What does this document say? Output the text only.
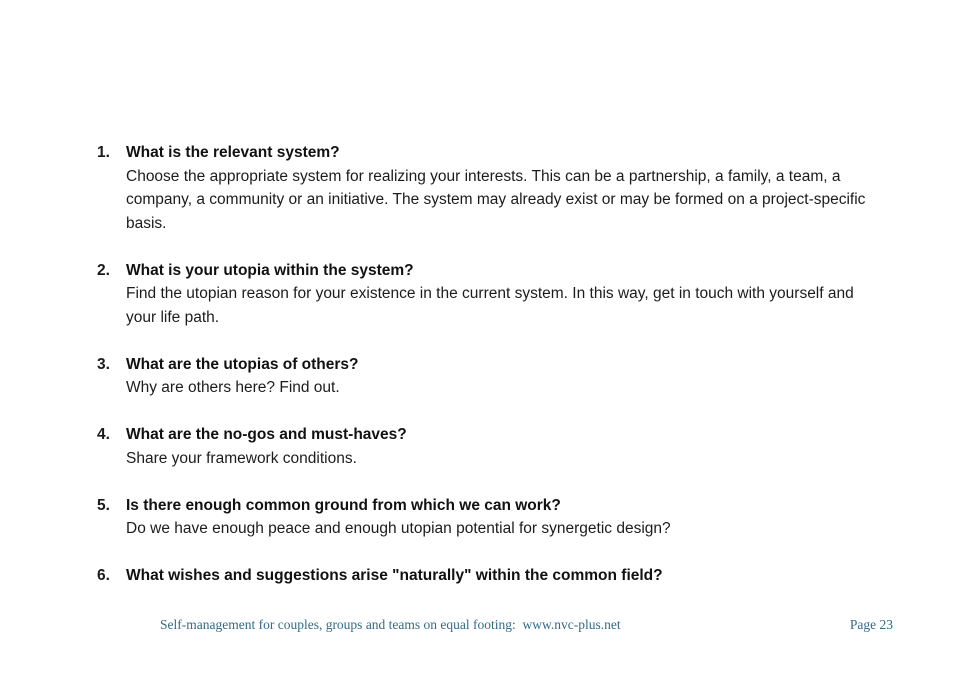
1.	What is the relevant system?
Choose the appropriate system for realizing your interests. This can be a partnership, a family, a team, a company, a community or an initiative. The system may already exist or may be formed on a project-specific basis.
2.	What is your utopia within the system?
Find the utopian reason for your existence in the current system. In this way, get in touch with yourself and your life path.
3.	What are the utopias of others?
Why are others here? Find out.
4.	What are the no-gos and must-haves?
Share your framework conditions.
5.	Is there enough common ground from which we can work?
Do we have enough peace and enough utopian potential for synergetic design?
6.	What wishes and suggestions arise "naturally" within the common field?

Self-management for couples, groups and teams on equal footing:  www.nvc-plus.net

	Page 23
